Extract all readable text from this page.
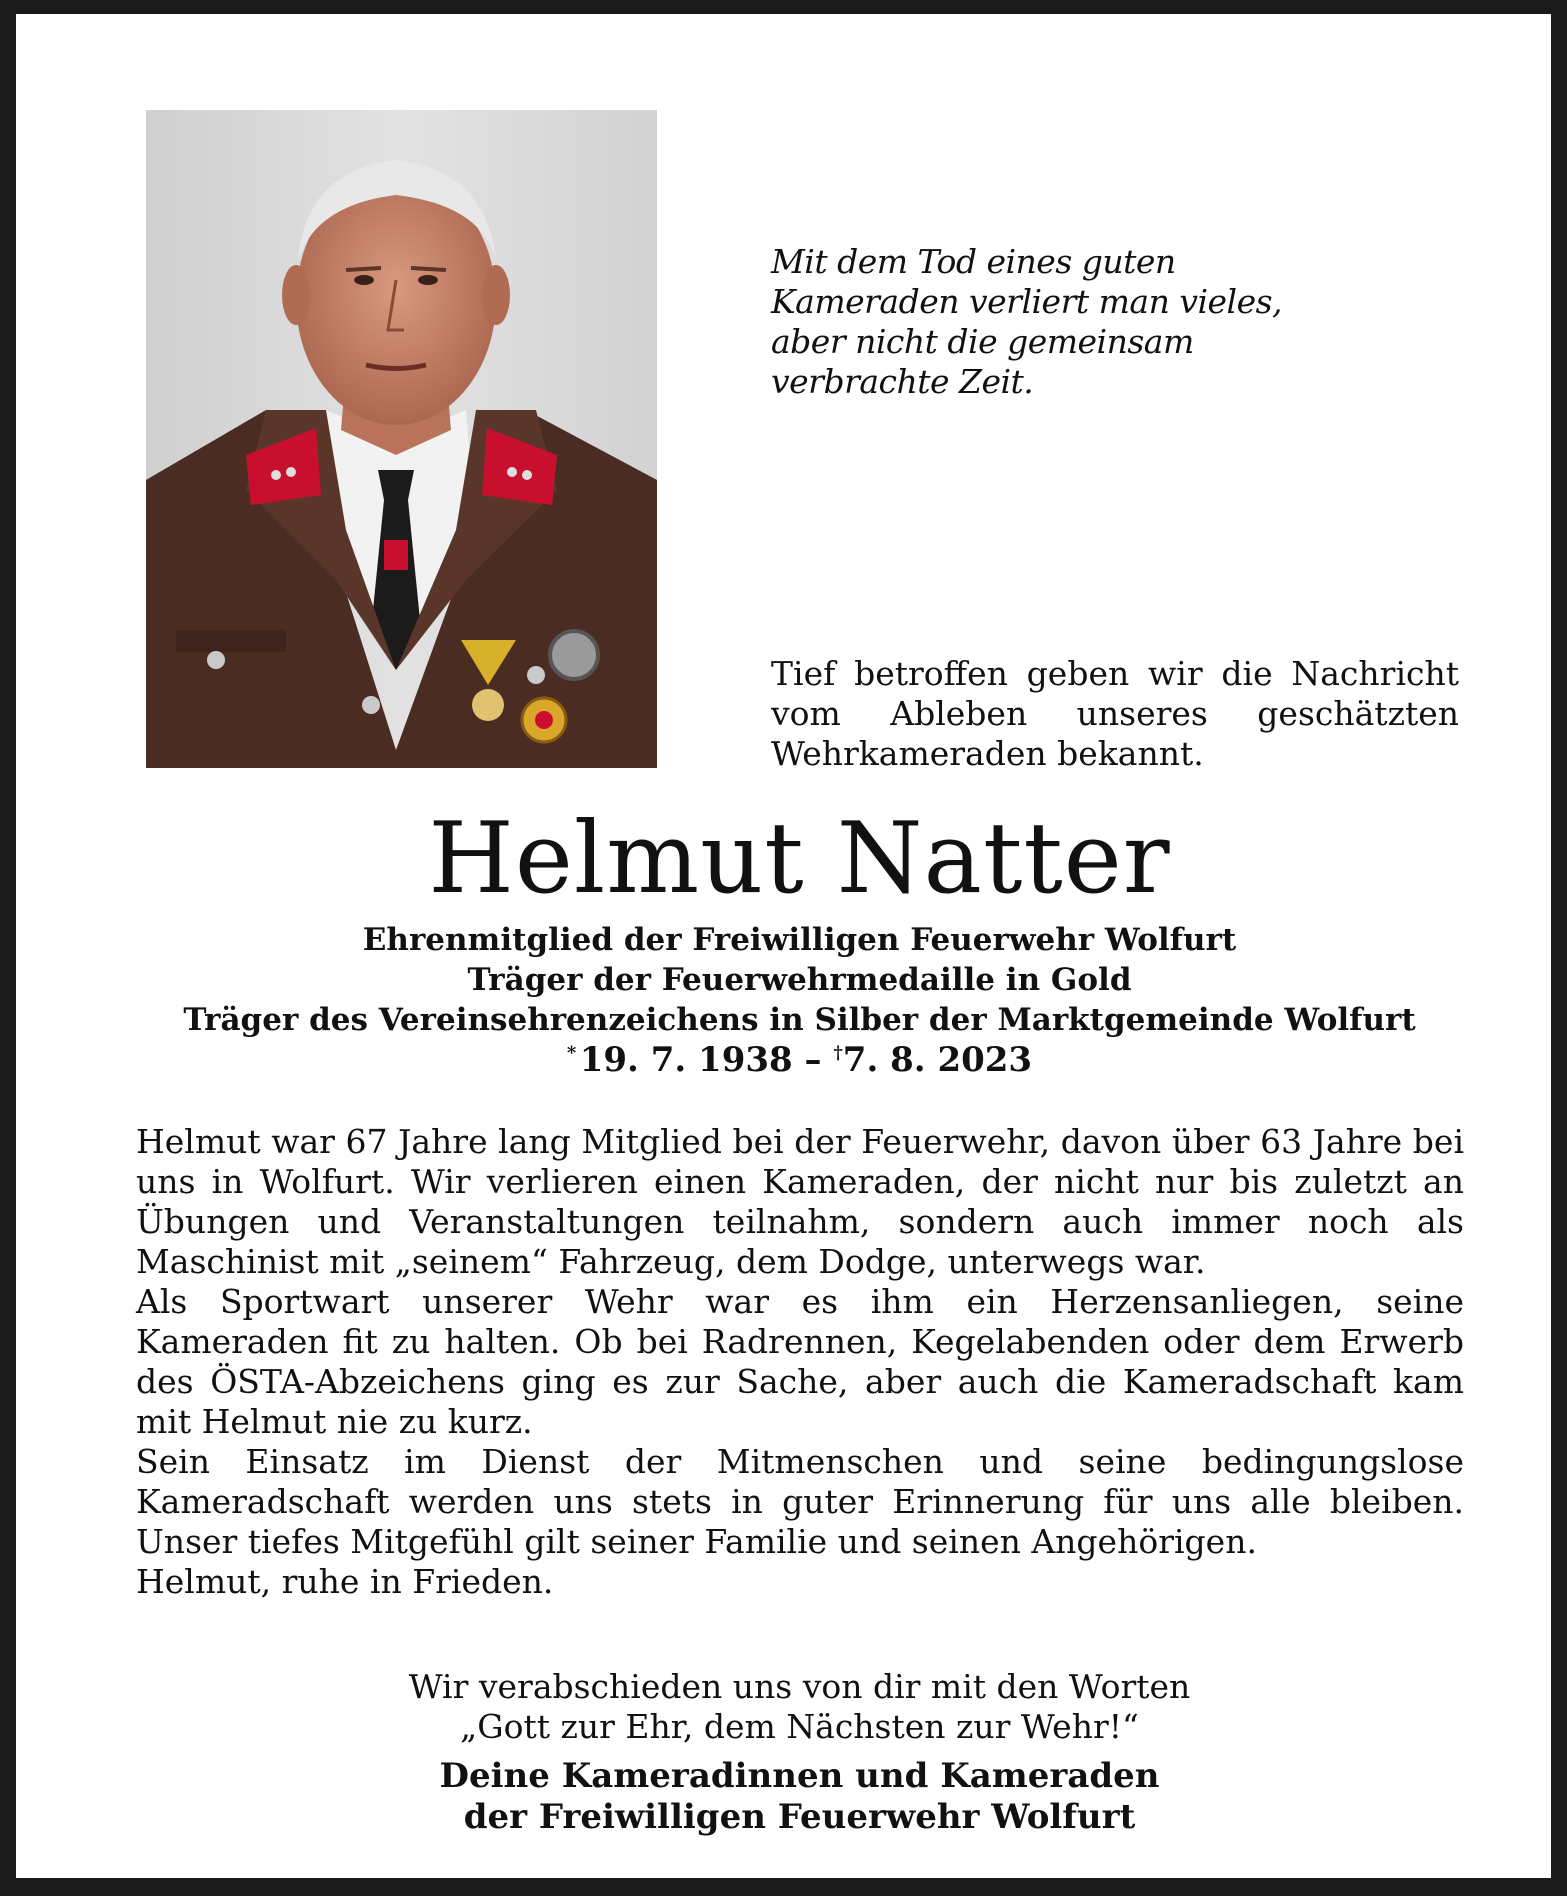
Mit dem Tod eines guten
Kameraden verliert man vieles,
aber nicht die gemeinsam
verbrachte Zeit.
Tief betroffen geben wir die Nachricht vom Ableben unseres geschätzten Wehrkameraden bekannt.
Helmut Natter
Ehrenmitglied der Freiwilligen Feuerwehr Wolfurt
Träger der Feuerwehrmedaille in Gold
Träger des Vereinsehrenzeichens in Silber der Marktgemeinde Wolfurt
* 19. 7. 1938 – †7. 8. 2023

Helmut war 67 Jahre lang Mitglied bei der Feuerwehr, davon über 63 Jahre bei uns in Wolfurt. Wir verlieren einen Kameraden, der nicht nur bis zuletzt an Übungen und Veranstaltungen teilnahm, sondern auch immer noch als Maschinist mit „seinem“ Fahrzeug, dem Dodge, unterwegs war.

Als Sportwart unserer Wehr war es ihm ein Herzensanliegen, seine Kameraden fit zu halten. Ob bei Radrennen, Kegelabenden oder dem Erwerb des ÖSTA-Abzeichens ging es zur Sache, aber auch die Kameradschaft kam mit Helmut nie zu kurz.

Sein Einsatz im Dienst der Mitmenschen und seine bedingungslose Kameradschaft werden uns stets in guter Erinnerung für uns alle bleiben. Unser tiefes Mitgefühl gilt seiner Familie und seinen Angehörigen.

Helmut, ruhe in Frieden.

Wir verabschieden uns von dir mit den Worten
„Gott zur Ehr, dem Nächsten zur Wehr!“
Deine Kameradinnen und Kameraden
der Freiwilligen Feuerwehr Wolfurt
